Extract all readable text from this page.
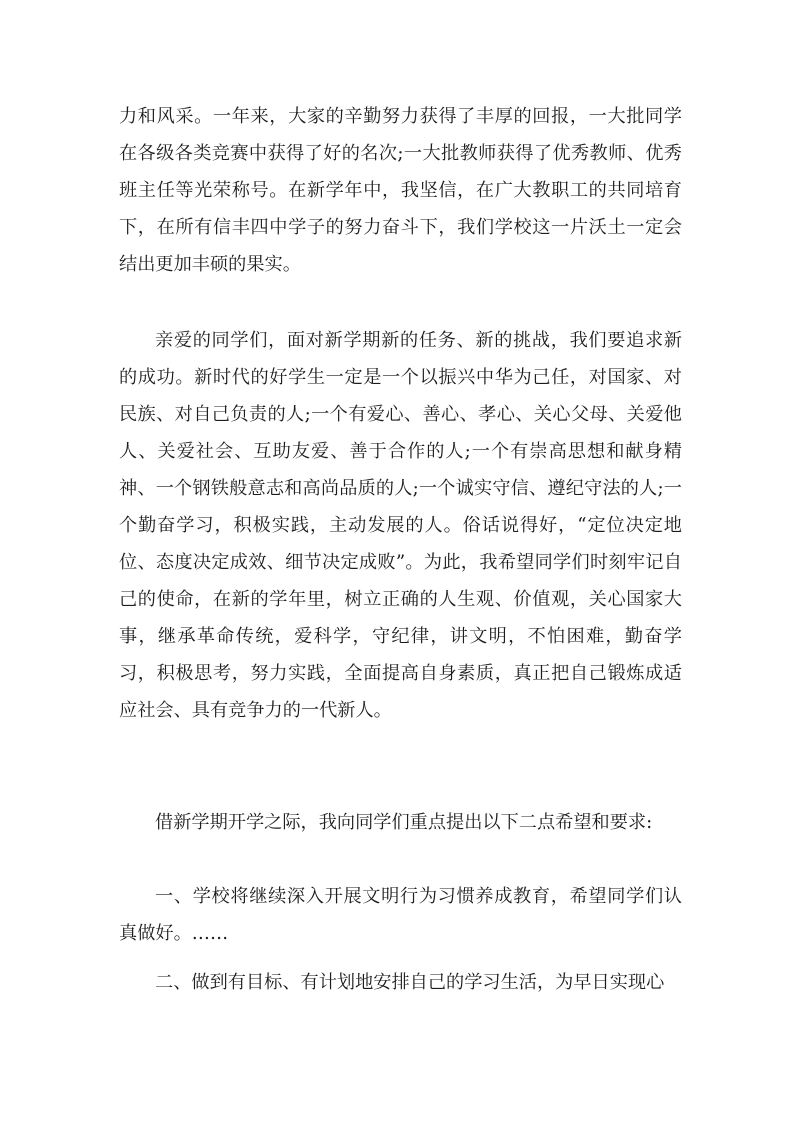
力和风采。一年来，大家的辛勤努力获得了丰厚的回报，一大批同学在各级各类竞赛中获得了好的名次;一大批教师获得了优秀教师、优秀班主任等光荣称号。在新学年中，我坚信，在广大教职工的共同培育下，在所有信丰四中学子的努力奋斗下，我们学校这一片沃土一定会结出更加丰硕的果实。

亲爱的同学们，面对新学期新的任务、新的挑战，我们要追求新的成功。新时代的好学生一定是一个以振兴中华为己任，对国家、对民族、对自己负责的人;一个有爱心、善心、孝心、关心父母、关爱他人、关爱社会、互助友爱、善于合作的人;一个有崇高思想和献身精神、一个钢铁般意志和高尚品质的人;一个诚实守信、遵纪守法的人;一个勤奋学习，积极实践，主动发展的人。俗话说得好，“定位决定地位、态度决定成效、细节决定成败”。为此，我希望同学们时刻牢记自己的使命，在新的学年里，树立正确的人生观、价值观，关心国家大事，继承革命传统，爱科学，守纪律，讲文明，不怕困难，勤奋学习，积极思考，努力实践，全面提高自身素质，真正把自己锻炼成适应社会、具有竞争力的一代新人。

借新学期开学之际，我向同学们重点提出以下二点希望和要求:

一、学校将继续深入开展文明行为习惯养成教育，希望同学们认真做好。……

二、做到有目标、有计划地安排自己的学习生活，为早日实现心
